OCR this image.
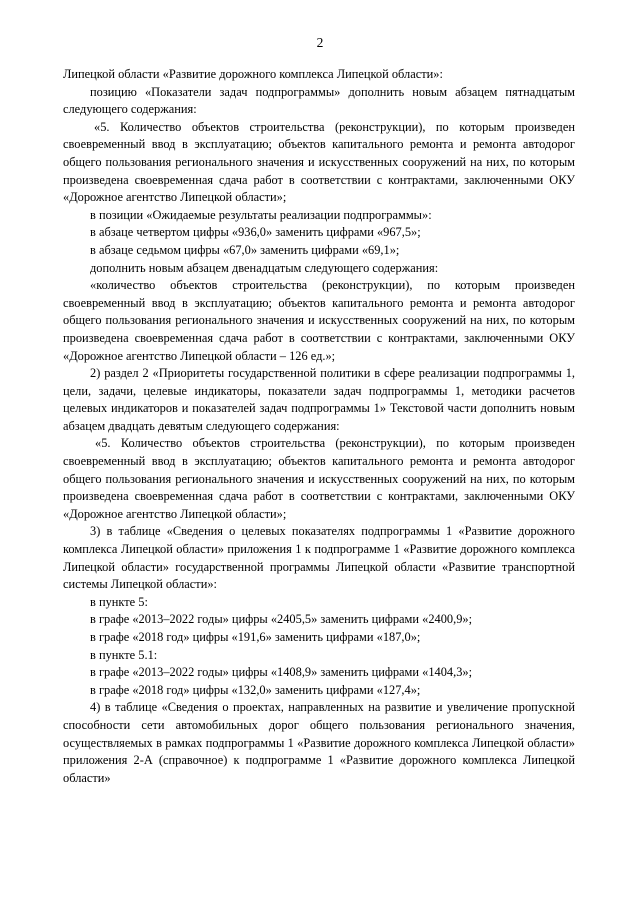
2

Липецкой области «Развитие дорожного комплекса Липецкой области»:

позицию «Показатели задач подпрограммы» дополнить новым абзацем пятнадцатым следующего содержания:

«5. Количество объектов строительства (реконструкции), по которым произведен своевременный ввод в эксплуатацию; объектов капитального ремонта и ремонта автодорог общего пользования регионального значения и искусственных сооружений на них, по которым произведена своевременная сдача работ в соответствии с контрактами, заключенными ОКУ «Дорожное агентство Липецкой области»;

в позиции «Ожидаемые результаты реализации подпрограммы»:

в абзаце четвертом цифры «936,0» заменить цифрами «967,5»;

в абзаце седьмом цифры «67,0» заменить цифрами «69,1»;

дополнить новым абзацем двенадцатым следующего содержания:

«количество объектов строительства (реконструкции), по которым произведен своевременный ввод в эксплуатацию; объектов капитального ремонта и ремонта автодорог общего пользования регионального значения и искусственных сооружений на них, по которым произведена своевременная сдача работ в соответствии с контрактами, заключенными ОКУ «Дорожное агентство Липецкой области – 126 ед.»;

2) раздел 2 «Приоритеты государственной политики в сфере реализации подпрограммы 1, цели, задачи, целевые индикаторы, показатели задач подпрограммы 1, методики расчетов целевых индикаторов и показателей задач подпрограммы 1» Текстовой части дополнить новым абзацем двадцать девятым следующего содержания:

«5. Количество объектов строительства (реконструкции), по которым произведен своевременный ввод в эксплуатацию; объектов капитального ремонта и ремонта автодорог общего пользования регионального значения и искусственных сооружений на них, по которым произведена своевременная сдача работ в соответствии с контрактами, заключенными ОКУ «Дорожное агентство Липецкой области»;

3) в таблице «Сведения о целевых показателях подпрограммы 1 «Развитие дорожного комплекса Липецкой области» приложения 1 к подпрограмме 1 «Развитие дорожного комплекса Липецкой области» государственной программы Липецкой области «Развитие транспортной системы Липецкой области»:

в пункте 5:

в графе «2013–2022 годы» цифры «2405,5» заменить цифрами «2400,9»;

в графе «2018 год» цифры «191,6» заменить цифрами «187,0»;

в пункте 5.1:

в графе «2013–2022 годы» цифры «1408,9» заменить цифрами «1404,3»;

в графе «2018 год» цифры «132,0» заменить цифрами «127,4»;

4) в таблице «Сведения о проектах, направленных на развитие и увеличение пропускной способности сети автомобильных дорог общего пользования регионального значения, осуществляемых в рамках подпрограммы 1 «Развитие дорожного комплекса Липецкой области» приложения 2-А (справочное) к подпрограмме 1 «Развитие дорожного комплекса Липецкой области»
